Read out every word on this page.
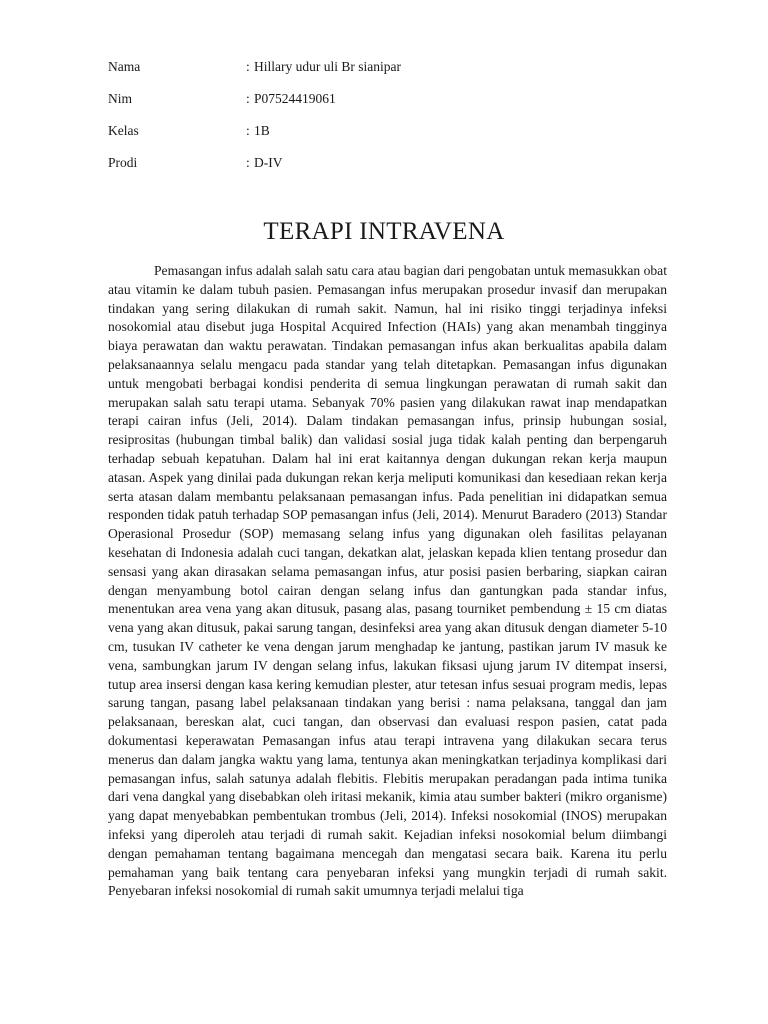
Nama	: Hillary udur uli Br sianipar
Nim	: P07524419061
Kelas	: 1B
Prodi	: D-IV
TERAPI INTRAVENA

Pemasangan infus adalah salah satu cara atau bagian dari pengobatan untuk memasukkan obat atau vitamin ke dalam tubuh pasien. Pemasangan infus merupakan prosedur invasif dan merupakan tindakan yang sering dilakukan di rumah sakit. Namun, hal ini risiko tinggi terjadinya infeksi nosokomial atau disebut juga Hospital Acquired Infection (HAIs) yang akan menambah tingginya biaya perawatan dan waktu perawatan. Tindakan pemasangan infus akan berkualitas apabila dalam pelaksanaannya selalu mengacu pada standar yang telah ditetapkan. Pemasangan infus digunakan untuk mengobati berbagai kondisi penderita di semua lingkungan perawatan di rumah sakit dan merupakan salah satu terapi utama. Sebanyak 70% pasien yang dilakukan rawat inap mendapatkan terapi cairan infus (Jeli, 2014). Dalam tindakan pemasangan infus, prinsip hubungan sosial, resiprositas (hubungan timbal balik) dan validasi sosial juga tidak kalah penting dan berpengaruh terhadap sebuah kepatuhan. Dalam hal ini erat kaitannya dengan dukungan rekan kerja maupun atasan. Aspek yang dinilai pada dukungan rekan kerja meliputi komunikasi dan kesediaan rekan kerja serta atasan dalam membantu pelaksanaan pemasangan infus. Pada penelitian ini didapatkan semua responden tidak patuh terhadap SOP pemasangan infus (Jeli, 2014). Menurut Baradero (2013) Standar Operasional Prosedur (SOP) memasang selang infus yang digunakan oleh fasilitas pelayanan kesehatan di Indonesia adalah cuci tangan, dekatkan alat, jelaskan kepada klien tentang prosedur dan sensasi yang akan dirasakan selama pemasangan infus, atur posisi pasien berbaring, siapkan cairan dengan menyambung botol cairan dengan selang infus dan gantungkan pada standar infus, menentukan area vena yang akan ditusuk, pasang alas, pasang tourniket pembendung ± 15 cm diatas vena yang akan ditusuk, pakai sarung tangan, desinfeksi area yang akan ditusuk dengan diameter 5-10 cm, tusukan IV catheter ke vena dengan jarum menghadap ke jantung, pastikan jarum IV masuk ke vena, sambungkan jarum IV dengan selang infus, lakukan fiksasi ujung jarum IV ditempat insersi, tutup area insersi dengan kasa kering kemudian plester, atur tetesan infus sesuai program medis, lepas sarung tangan, pasang label pelaksanaan tindakan yang berisi : nama pelaksana, tanggal dan jam pelaksanaan, bereskan alat, cuci tangan, dan observasi dan evaluasi respon pasien, catat pada dokumentasi keperawatan Pemasangan infus atau terapi intravena yang dilakukan secara terus menerus dan dalam jangka waktu yang lama, tentunya akan meningkatkan terjadinya komplikasi dari pemasangan infus, salah satunya adalah flebitis. Flebitis merupakan peradangan pada intima tunika dari vena dangkal yang disebabkan oleh iritasi mekanik, kimia atau sumber bakteri (mikro organisme) yang dapat menyebabkan pembentukan trombus (Jeli, 2014). Infeksi nosokomial (INOS) merupakan infeksi yang diperoleh atau terjadi di rumah sakit. Kejadian infeksi nosokomial belum diimbangi dengan pemahaman tentang bagaimana mencegah dan mengatasi secara baik. Karena itu perlu pemahaman yang baik tentang cara penyebaran infeksi yang mungkin terjadi di rumah sakit. Penyebaran infeksi nosokomial di rumah sakit umumnya terjadi melalui tiga
